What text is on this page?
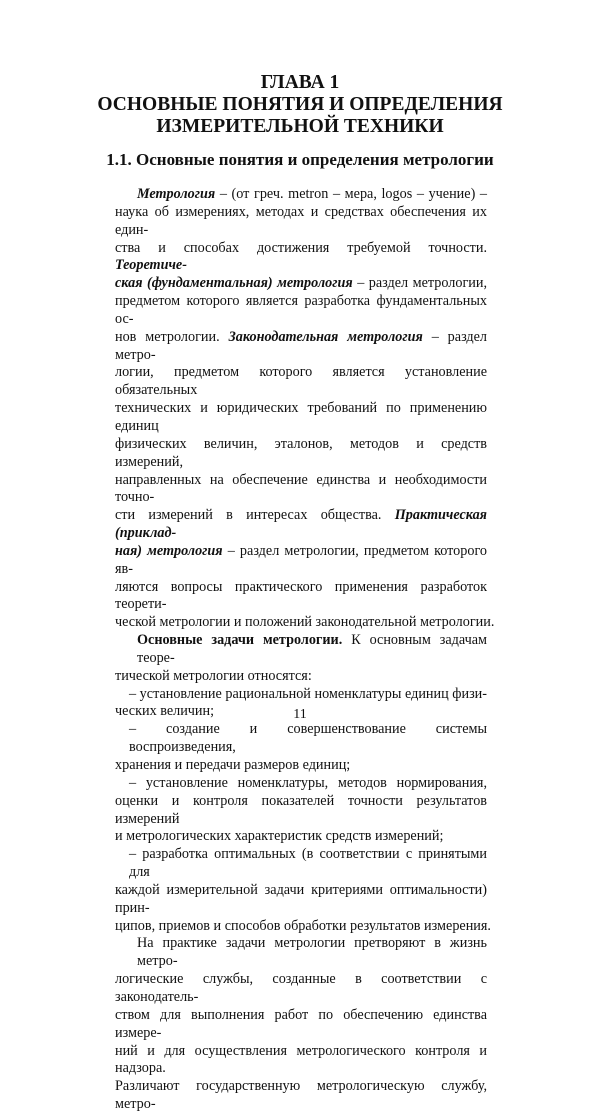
ГЛАВА 1
ОСНОВНЫЕ ПОНЯТИЯ И ОПРЕДЕЛЕНИЯ
ИЗМЕРИТЕЛЬНОЙ ТЕХНИКИ
1.1. Основные понятия и определения метрологии
Метрология – (от греч. metron – мера, logos – учение) –
наука об измерениях, методах и средствах обеспечения их един-
ства и способах достижения требуемой точности. Теоретиче-
ская (фундаментальная) метрология – раздел метрологии,
предметом которого является разработка фундаментальных ос-
нов метрологии. Законодательная метрология – раздел метро-
логии, предметом которого является установление обязательных
технических и юридических требований по применению единиц
физических величин, эталонов, методов и средств измерений,
направленных на обеспечение единства и необходимости точно-
сти измерений в интересах общества. Практическая (приклад-
ная) метрология – раздел метрологии, предметом которого яв-
ляются вопросы практического применения разработок теорети-
ческой метрологии и положений законодательной метрологии.
Основные задачи метрологии. К основным задачам теорe-
тической метрологии относятся:
– установление рациональной номенклатуры единиц физи-
ческих величин;
– создание и совершенствование системы воспроизведения,
хранения и передачи размеров единиц;
– установление номенклатуры, методов нормирования,
оценки и контроля показателей точности результатов измерений
и метрологических характеристик средств измерений;
– разработка оптимальных (в соответствии с принятыми для
каждой измерительной задачи критериями оптимальности) прин-
ципов, приемов и способов обработки результатов измерения.
На практике задачи метрологии претворяют в жизнь метро-
логические службы, созданные в соответствии с законодатель-
ством для выполнения работ по обеспечению единства измере-
ний и для осуществления метрологического контроля и надзора.
Различают государственную метрологическую службу, метро-
11
